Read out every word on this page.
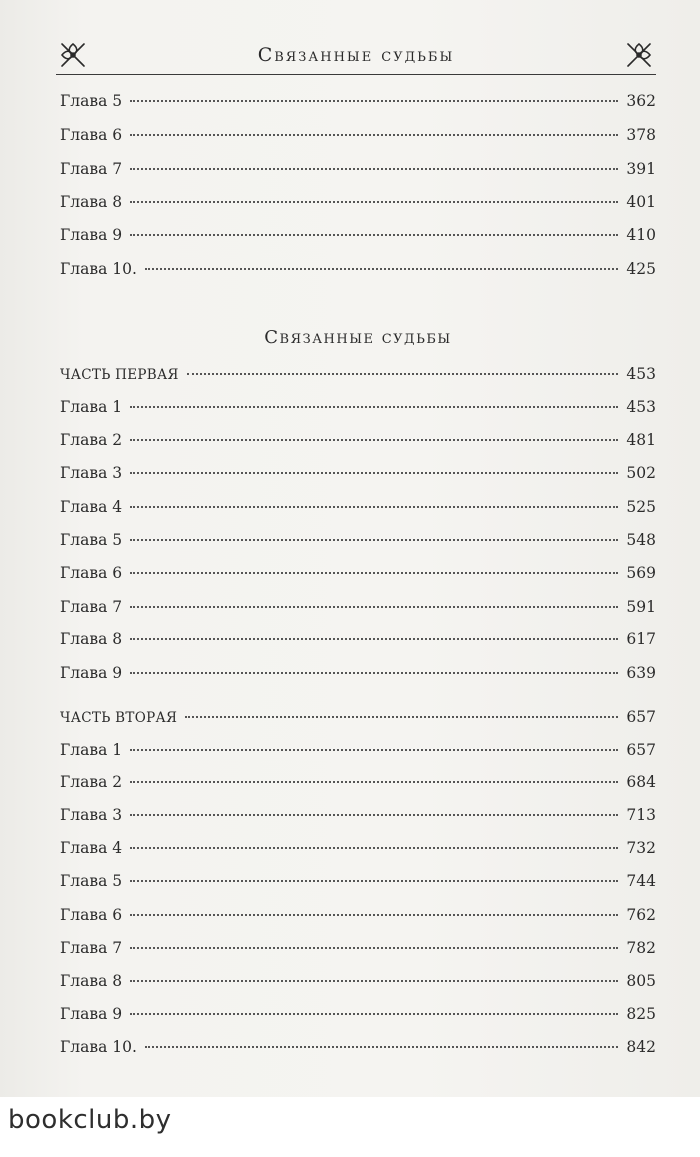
Связанные судьбы
Глава 5	362
Глава 6	378
Глава 7	391
Глава 8	401
Глава 9	410
Глава 10.	425
Связанные судьбы
ЧАСТЬ ПЕРВАЯ	453
Глава 1	453
Глава 2	481
Глава 3	502
Глава 4	525
Глава 5	548
Глава 6	569
Глава 7	591
Глава 8	617
Глава 9	639
ЧАСТЬ ВТОРАЯ	657
Глава 1	657
Глава 2	684
Глава 3	713
Глава 4	732
Глава 5	744
Глава 6	762
Глава 7	782
Глава 8	805
Глава 9	825
Глава 10.	842
bookclub.by
